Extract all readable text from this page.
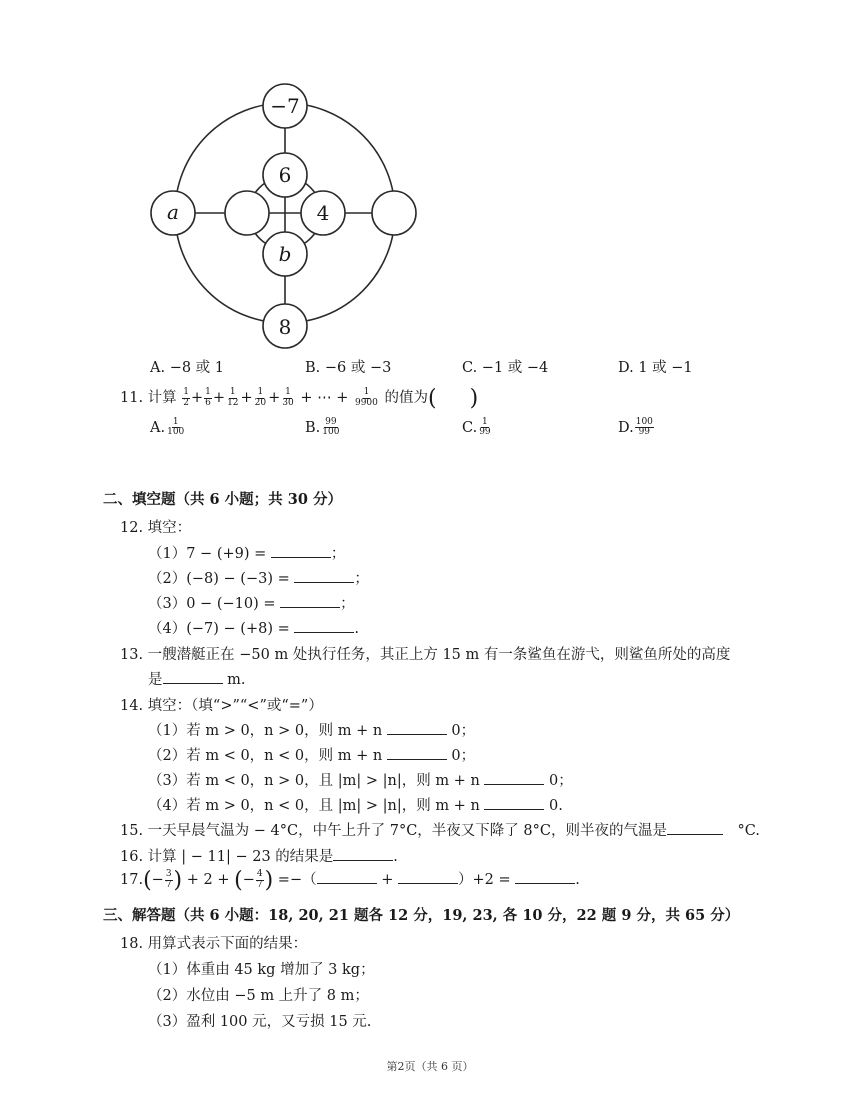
−7
6
a	4
b
8
A. −8 或 1	B. −6 或 −3	C. −1 或 −4	D. 1 或 −1
11. 计算 $\frac{1}{2} + \frac{1}{6} + \frac{1}{12} + \frac{1}{20} + \frac{1}{30}$ + ⋯ + $\frac{1}{9900}$ 的值为(  )
A. $\frac{1}{100}$	B. $\frac{99}{100}$	C. $\frac{1}{99}$	D. $\frac{100}{99}$
二、填空题（共 6 小题；共 30 分）
12. 填空：
（1）7 − (+9) =	；
（2）(−8) − (−3) =	；
（3）0 − (−10) =	；
（4）(−7) − (+8) =	.
13. 一艘潜艇正在 −50 m 处执行任务，其正上方 15 m 有一条鲨鱼在游弋，则鲨鱼所处的高度
是	m.
14. 填空：（填“>”“<”或“=”）
（1）若 m > 0，n > 0，则 m + n	0；
（2）若 m < 0，n < 0，则 m + n	0；
（3）若 m < 0，n > 0，且 |m| > |n|，则 m + n	0；
（4）若 m > 0，n < 0，且 |m| > |n|，则 m + n	0.
15. 一天早晨气温为 − 4°C，中午上升了 7°C，半夜又下降了 8°C，则半夜的气温是 	°C.
16. 计算 | − 11| − 23 的结果是	.
$17.(- \frac{3}{7}$ ) + 2 + (− $\frac{4}{7}$ ) =−（	+	）+2 =	.
三、解答题（共 6 小题：18, 20, 21 题各 12 分，19, 23, 各 10 分，22 题 9 分，共 65 分）
18. 用算式表示下面的结果：
（1）体重由 45 kg 增加了 3 kg；
（2）水位由 −5 m 上升了 8 m；
（3）盈利 100 元，又亏损 15 元.
第2页（共 6 页）
